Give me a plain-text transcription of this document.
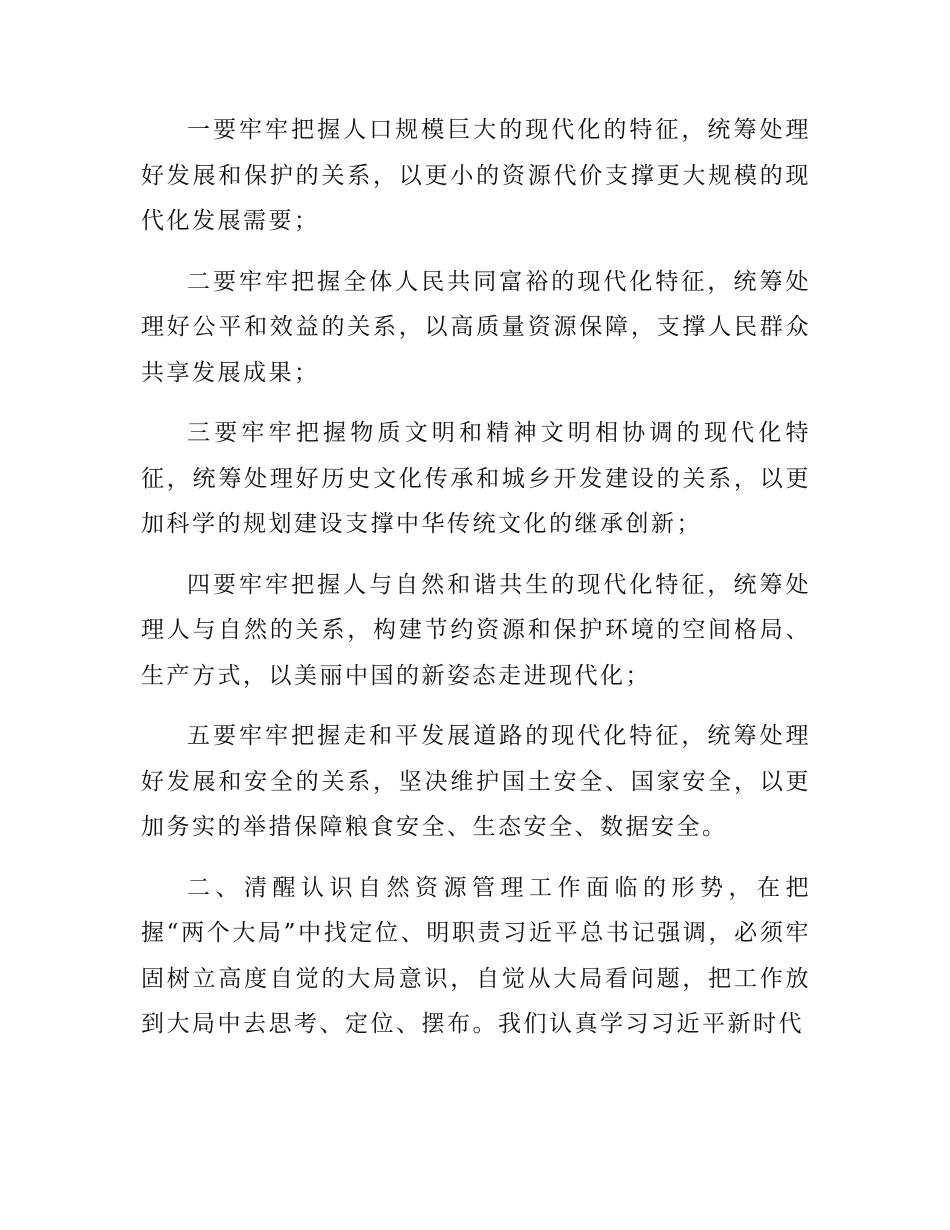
一要牢牢把握人口规模巨大的现代化的特征，统筹处理好发展和保护的关系，以更小的资源代价支撑更大规模的现代化发展需要；

二要牢牢把握全体人民共同富裕的现代化特征，统筹处理好公平和效益的关系，以高质量资源保障，支撑人民群众共享发展成果；

三要牢牢把握物质文明和精神文明相协调的现代化特征，统筹处理好历史文化传承和城乡开发建设的关系，以更加科学的规划建设支撑中华传统文化的继承创新；

四要牢牢把握人与自然和谐共生的现代化特征，统筹处理人与自然的关系，构建节约资源和保护环境的空间格局、生产方式，以美丽中国的新姿态走进现代化；

五要牢牢把握走和平发展道路的现代化特征，统筹处理好发展和安全的关系，坚决维护国土安全、国家安全，以更加务实的举措保障粮食安全、生态安全、数据安全。

二、清醒认识自然资源管理工作面临的形势，在把握“两个大局”中找定位、明职责习近平总书记强调，必须牢固树立高度自觉的大局意识，自觉从大局看问题，把工作放到大局中去思考、定位、摆布。我们认真学习习近平新时代
